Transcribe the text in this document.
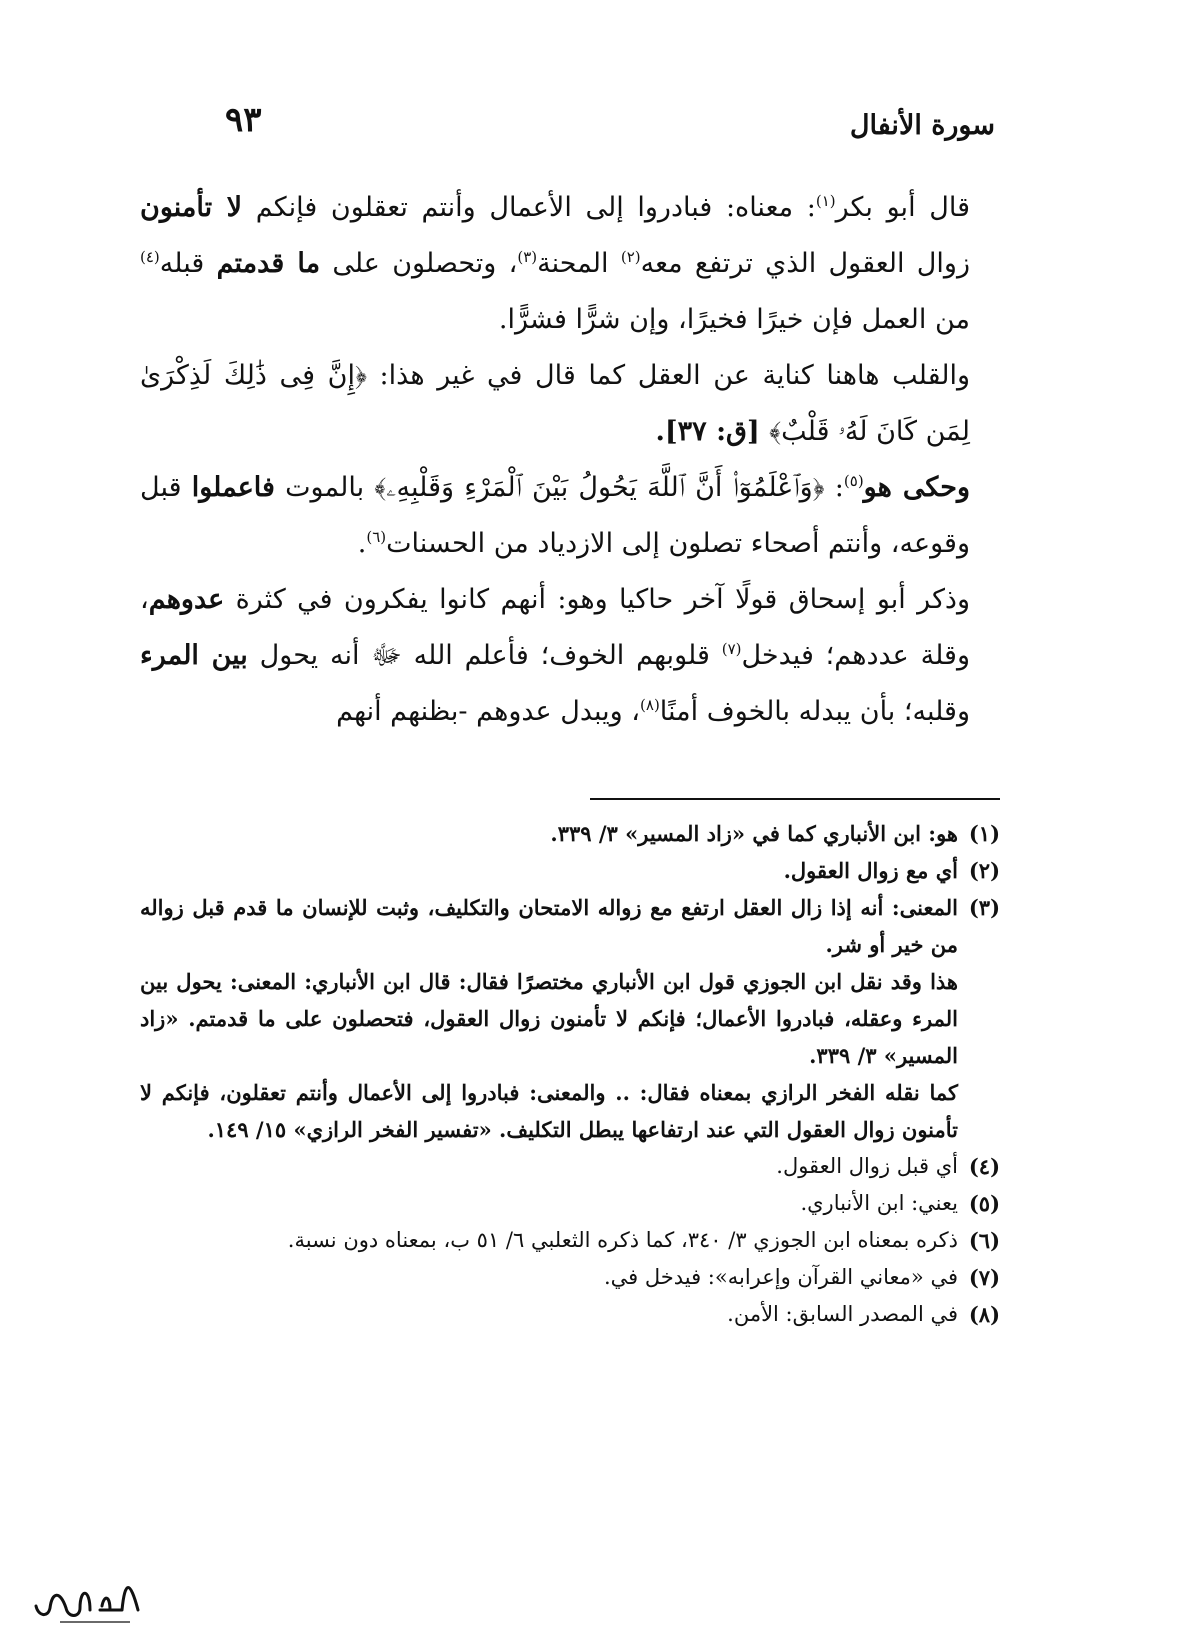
سورة الأنفال
٩٣

قال أبو بكر$^{(١)}$: معناه: فبادروا إلى الأعمال وأنتم تعقلون فإنكم لا تأمنون زوال العقول الذي ترتفع معه$^{(٢)}$ المحنة$^{(٣)}$، وتحصلون على ما قدمتم قبله$^{(٤)}$ من العمل فإن خيرًا فخيرًا، وإن شرًّا فشرًّا.

والقلب هاهنا كناية عن العقل كما قال في غير هذا: ﴿إِنَّ فِى ذَٰلِكَ لَذِكْرَىٰ لِمَن كَانَ لَهُۥ قَلْبٌ﴾ [ق: ٣٧].

وحكى هو$^{(٥)}$: ﴿وَٱعْلَمُوٓا۟ أَنَّ ٱللَّهَ يَحُولُ بَيْنَ ٱلْمَرْءِ وَقَلْبِهِۦ﴾ بالموت فاعملوا قبل وقوعه، وأنتم أصحاء تصلون إلى الازدياد من الحسنات$^{(٦)}$.

وذكر أبو إسحاق قولًا آخر حاكيا وهو: أنهم كانوا يفكرون في كثرة عدوهم، وقلة عددهم؛ فيدخل$^{(٧)}$ قلوبهم الخوف؛ فأعلم الله ﷻ أنه يحول بين المرء وقلبه؛ بأن يبدله بالخوف أمنًا$^{(٨)}$، ويبدل عدوهم -بظنهم أنهم

(١)

هو: ابن الأنباري كما في «زاد المسير» ٣/ ٣٣٩.

(٢)

أي مع زوال العقول.

(٣)

المعنى: أنه إذا زال العقل ارتفع مع زواله الامتحان والتكليف، وثبت للإنسان ما قدم قبل زواله من خير أو شر.

هذا وقد نقل ابن الجوزي قول ابن الأنباري مختصرًا فقال: قال ابن الأنباري: المعنى: يحول بين المرء وعقله، فبادروا الأعمال؛ فإنكم لا تأمنون زوال العقول، فتحصلون على ما قدمتم. «زاد المسير» ٣/ ٣٣٩.

كما نقله الفخر الرازي بمعناه فقال: .. والمعنى: فبادروا إلى الأعمال وأنتم تعقلون، فإنكم لا تأمنون زوال العقول التي عند ارتفاعها يبطل التكليف. «تفسير الفخر الرازي» ١٥/ ١٤٩.

(٤)

أي قبل زوال العقول.

(٥)

يعني: ابن الأنباري.

(٦)

ذكره بمعناه ابن الجوزي ٣/ ٣٤٠، كما ذكره الثعلبي ٦/ ٥١ ب، بمعناه دون نسبة.

(٧)

في «معاني القرآن وإعرابه»: فيدخل في.

(٨)

في المصدر السابق: الأمن.
